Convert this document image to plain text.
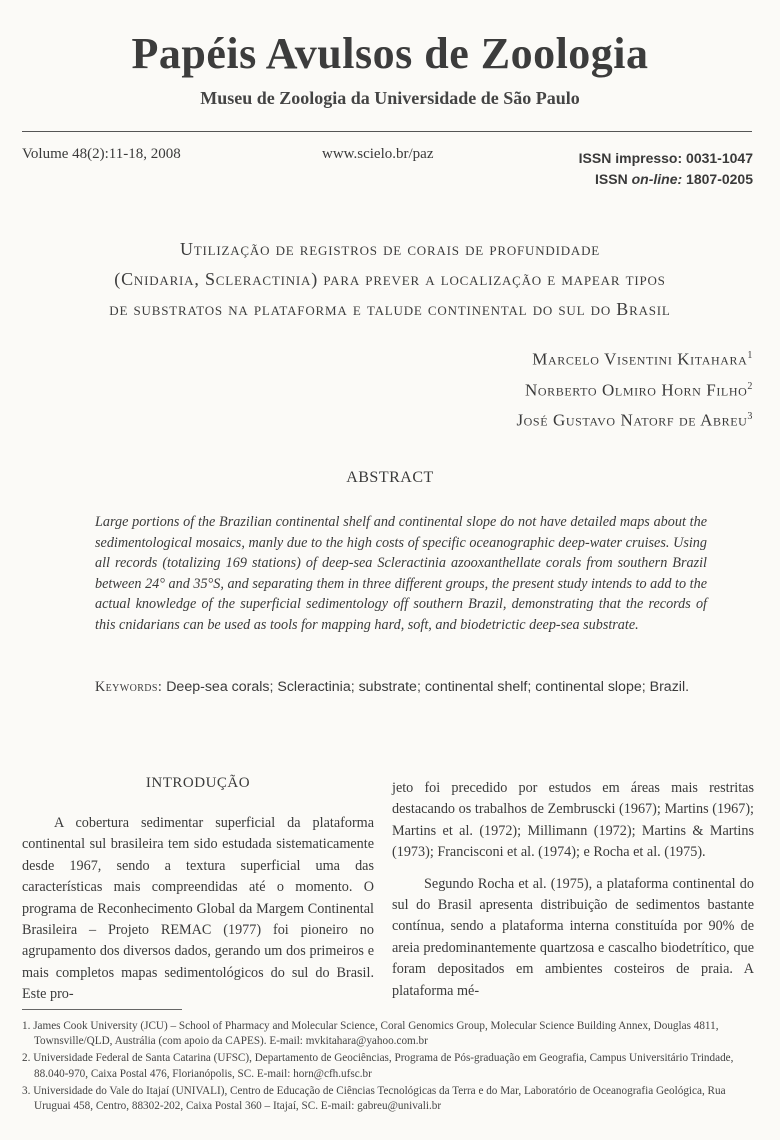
Papéis Avulsos de Zoologia
Museu de Zoologia da Universidade de São Paulo
Volume 48(2):11-18, 2008	www.scielo.br/paz	ISSN impresso: 0031-1047
ISSN on-line: 1807-0205
Utilização de registros de corais de profundidade
(Cnidaria, Scleractinia) para prever a localização e mapear tipos
de substratos na plataforma e talude continental do sul do Brasil
Marcelo Visentini Kitahara$^1$
Norberto Olmiro Horn Filho$^2$
José Gustavo Natorf de Abreu$^3$
ABSTRACT
Large portions of the Brazilian continental shelf and continental slope do not have detailed maps about the sedimentological mosaics, manly due to the high costs of specific oceanographic deep-water cruises. Using all records (totalizing 169 stations) of deep-sea Scleractinia azooxanthellate corals from southern Brazil between 24° and 35°S, and separating them in three different groups, the present study intends to add to the actual knowledge of the superficial sedimentology off southern Brazil, demonstrating that the records of this cnidarians can be used as tools for mapping hard, soft, and biodetrictic deep-sea substrate.
Keywords: Deep-sea corals; Scleractinia; substrate; continental shelf; continental slope; Brazil.
INTRODUÇÃO

A cobertura sedimentar superficial da plataforma continental sul brasileira tem sido estudada sistematicamente desde 1967, sendo a textura superficial uma das características mais compreendidas até o momento. O programa de Reconhecimento Global da Margem Continental Brasileira – Projeto REMAC (1977) foi pioneiro no agrupamento dos diversos dados, gerando um dos primeiros e mais completos mapas sedimentológicos do sul do Brasil. Este pro-

jeto foi precedido por estudos em áreas mais restritas destacando os trabalhos de Zembruscki (1967); Martins (1967); Martins et al. (1972); Millimann (1972); Martins & Martins (1973); Francisconi et al. (1974); e Rocha et al. (1975).

Segundo Rocha et al. (1975), a plataforma continental do sul do Brasil apresenta distribuição de sedimentos bastante contínua, sendo a plataforma interna constituída por 90% de areia predominantemente quartzosa e cascalho biodetrítico, que foram depositados em ambientes costeiros de praia. A plataforma mé-

1. James Cook University (JCU) – School of Pharmacy and Molecular Science, Coral Genomics Group, Molecular Science Building Annex, Douglas 4811, Townsville/QLD, Austrália (com apoio da CAPES). E-mail: mvkitahara@yahoo.com.br
2. Universidade Federal de Santa Catarina (UFSC), Departamento de Geociências, Programa de Pós-graduação em Geografia, Campus Universitário Trindade, 88.040-970, Caixa Postal 476, Florianópolis, SC. E-mail: horn@cfh.ufsc.br
3. Universidade do Vale do Itajaí (UNIVALI), Centro de Educação de Ciências Tecnológicas da Terra e do Mar, Laboratório de Oceanografia Geológica, Rua Uruguai 458, Centro, 88302-202, Caixa Postal 360 – Itajaí, SC. E-mail: gabreu@univali.br
